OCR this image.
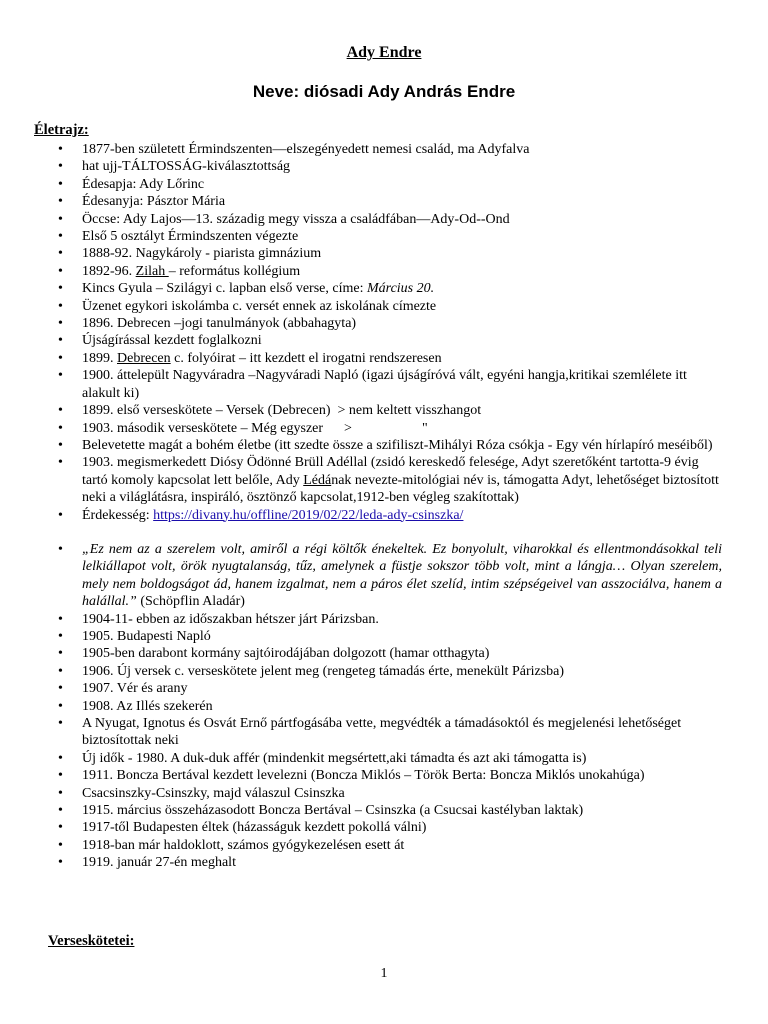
Ady Endre
Neve: diósadi Ady András Endre
Életrajz:
• 1877-ben született Érmindszenten—elszegényedett nemesi család, ma Adyfalva
• hat ujj-TÁLTOSSÁG-kiválasztottság
• Édesapja: Ady Lőrinc
• Édesanyja: Pásztor Mária
• Öccse: Ady Lajos—13. századig megy vissza a családfában—Ady-Od--Ond
• Első 5 osztályt Érmindszenten végezte
• 1888-92. Nagykároly - piarista gimnázium
• 1892-96. Zilah – református kollégium
• Kincs Gyula – Szilágyi c. lapban első verse, címe: Március 20.
• Üzenet egykori iskolámba c. versét ennek az iskolának címezte
• 1896. Debrecen –jogi tanulmányok (abbahagyta)
• Újságírással kezdett foglalkozni
• 1899. Debrecen c. folyóirat – itt kezdett el irogatni rendszeresen
• 1900. áttelepült Nagyváradra –Nagyváradi Napló (igazi újságíróvá vált, egyéni hangja,kritikai szemlélete itt alakult ki)
• 1899. első verseskötete – Versek (Debrecen)  > nem keltett visszhangot
• 1903. második verseskötete – Még egyszer      >                    "
• Belevetette magát a bohém életbe (itt szedte össze a szifiliszt-Mihályi Róza csókja - Egy vén hírlapíró meséiből)
• 1903. megismerkedett Diósy Ödönné Brüll Adéllal (zsidó kereskedő felesége, Adyt szeretőként tartotta-9 évig tartó komoly kapcsolat lett belőle, Ady Lédának nevezte-mitológiai név is, támogatta Adyt, lehetőséget biztosított neki a világlátásra, inspiráló, ösztönző kapcsolat,1912-ben végleg szakítottak)
• Érdekesség: https://divany.hu/offline/2019/02/22/leda-ady-csinszka/
• „Ez nem az a szerelem volt, amiről a régi költők énekeltek. Ez bonyolult, viharokkal és ellentmondásokkal teli lelkiállapot volt, örök nyugtalanság, tűz, amelynek a füstje sokszor több volt, mint a lángja… Olyan szerelem, mely nem boldogságot ád, hanem izgalmat, nem a páros élet szelíd, intim szépségeivel van asszociálva, hanem a halállal.” (Schöpflin Aladár)
• 1904-11- ebben az időszakban hétszer járt Párizsban.
• 1905. Budapesti Napló
• 1905-ben darabont kormány sajtóirodájában dolgozott (hamar otthagyta)
• 1906. Új versek c. verseskötete jelent meg (rengeteg támadás érte, menekült Párizsba)
• 1907. Vér és arany
• 1908. Az Illés szekerén
• A Nyugat, Ignotus és Osvát Ernő pártfogásába vette, megvédték a támadásoktól és megjelenési lehetőséget biztosítottak neki
• Új idők - 1980. A duk-duk affér (mindenkit megsértett,aki támadta és azt aki támogatta is)
• 1911. Boncza Bertával kezdett levelezni (Boncza Miklós – Török Berta: Boncza Miklós unokahúga)
• Csacsinszky-Csinszky, majd válaszul Csinszka
• 1915. március összeházasodott Boncza Bertával – Csinszka (a Csucsai kastélyban laktak)
• 1917-től Budapesten éltek (házasságuk kezdett pokollá válni)
• 1918-ban már haldoklott, számos gyógykezelésen esett át
• 1919. január 27-én meghalt
Verseskötetei:

1
